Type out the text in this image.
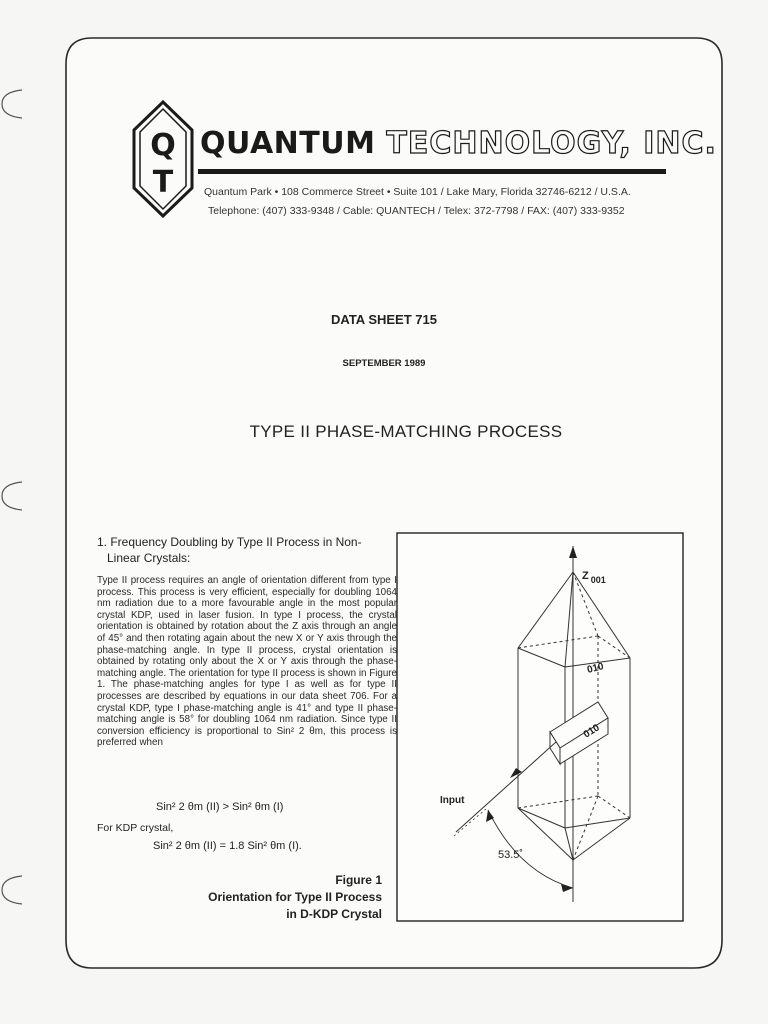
Q
T
QUANTUM TECHNOLOGY, INC.
Quantum Park • 108 Commerce Street • Suite 101 / Lake Mary, Florida 32746-6212 / U.S.A.
Telephone: (407) 333-9348 / Cable: QUANTECH / Telex: 372-7798 / FAX: (407) 333-9352
DATA SHEET 715
SEPTEMBER 1989
TYPE II PHASE-MATCHING PROCESS
1. Frequency Doubling by Type II Process in Non-
Linear Crystals:
Type II process requires an angle of orientation different from type I process. This process is very efficient, especially for doubling 1064 nm radiation due to a more favourable angle in the most popular crystal KDP, used in laser fusion. In type I process, the crystal orientation is obtained by rotation about the Z axis through an angle of 45° and then rotating again about the new X or Y axis through the phase-matching angle. In type II process, crystal orientation is obtained by rotating only about the X or Y axis through the phase-matching angle. The orientation for type II process is shown in Figure 1. The phase-matching angles for type I as well as for type II processes are described by equations in our data sheet 706. For a crystal KDP, type I phase-matching angle is 41° and type II phase-matching angle is 58° for doubling 1064 nm radiation. Since type II conversion efficiency is proportional to Sin² 2 θm, this process is preferred when
Sin² 2 θm (II) > Sin² θm (I)
For KDP crystal,
Sin² 2 θm (II) = 1.8 Sin² θm (I).
Figure 1
Orientation for Type II Process
in D-KDP Crystal
Z $_{001}$
010
010
Input
53.5˚
